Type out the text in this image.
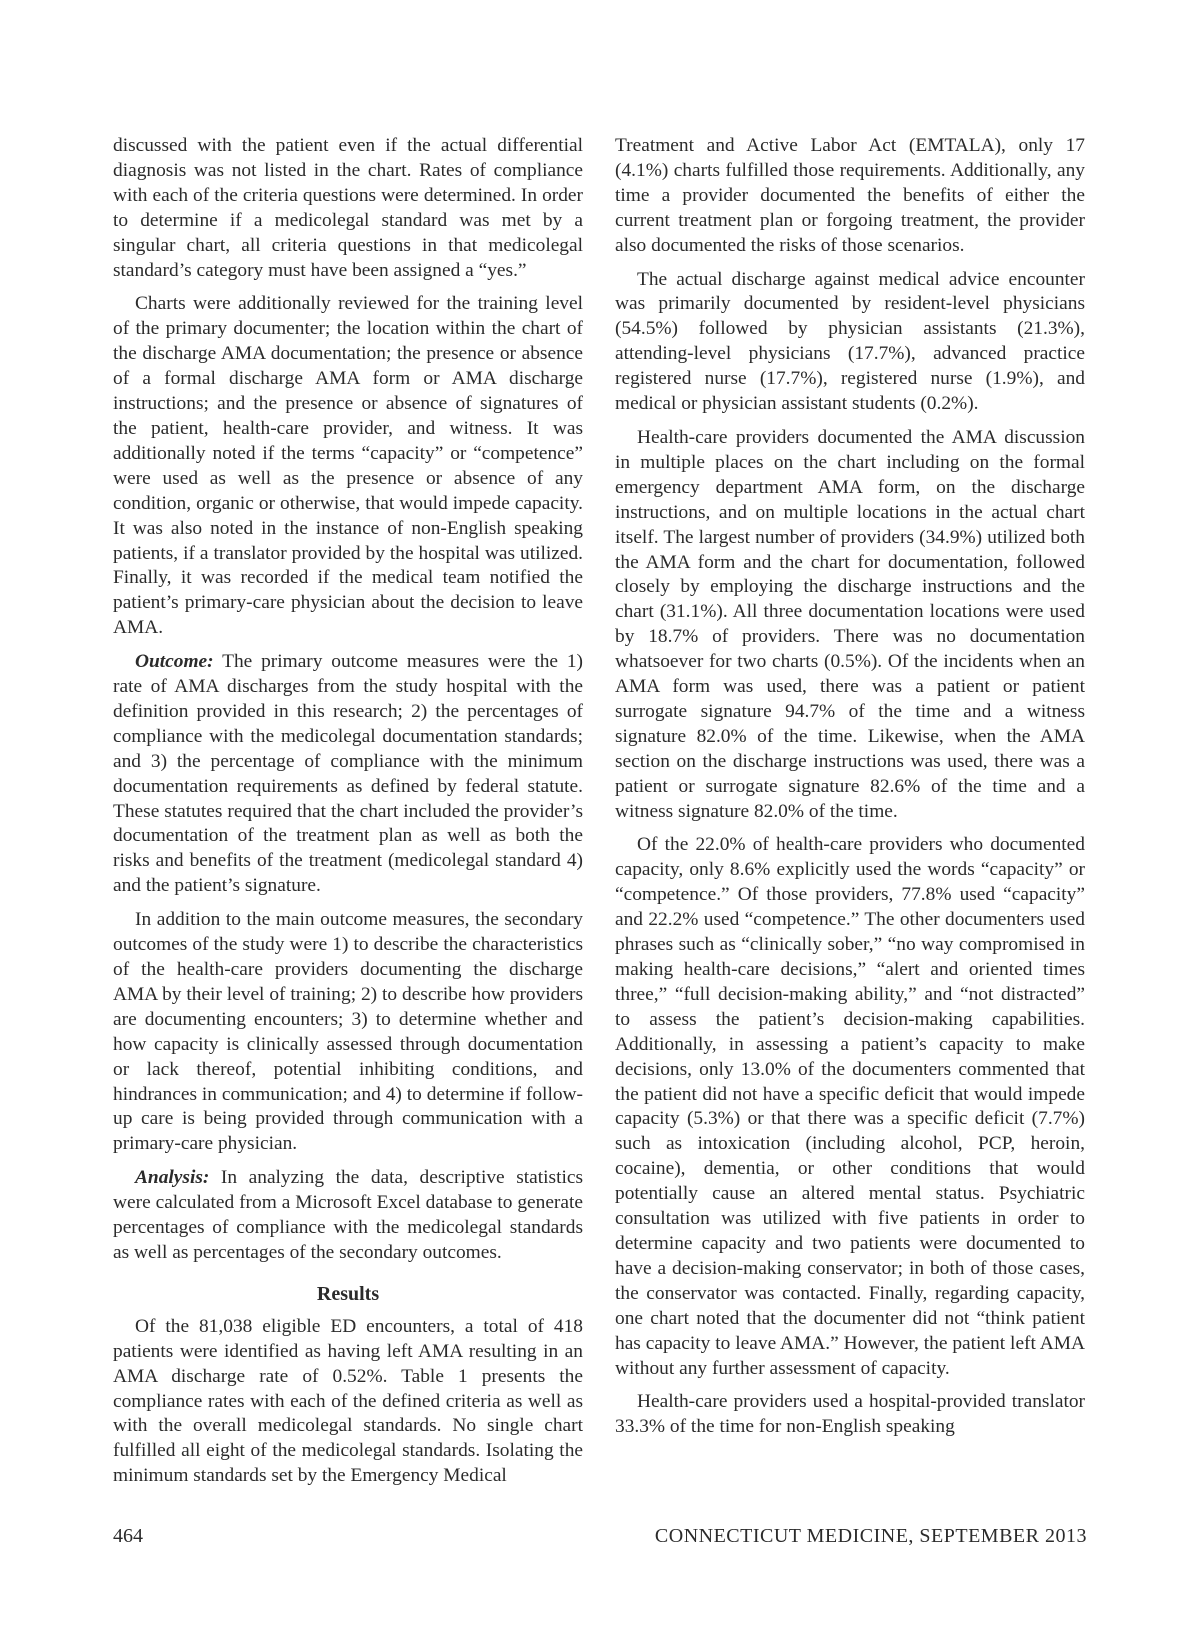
discussed with the patient even if the actual differential diagnosis was not listed in the chart. Rates of compliance with each of the criteria questions were determined. In order to determine if a medicolegal standard was met by a singular chart, all criteria questions in that medicolegal standard’s category must have been assigned a “yes.”

Charts were additionally reviewed for the training level of the primary documenter; the location within the chart of the discharge AMA documentation; the presence or absence of a formal discharge AMA form or AMA discharge instructions; and the presence or absence of signatures of the patient, health-care provider, and witness. It was additionally noted if the terms “capacity” or “competence” were used as well as the presence or absence of any condition, organic or otherwise, that would impede capacity. It was also noted in the instance of non-English speaking patients, if a translator provided by the hospital was utilized. Finally, it was recorded if the medical team notified the patient’s primary-care physician about the decision to leave AMA.

Outcome: The primary outcome measures were the 1) rate of AMA discharges from the study hospital with the definition provided in this research; 2) the percentages of compliance with the medicolegal documentation standards; and 3) the percentage of compliance with the minimum documentation requirements as defined by federal statute. These statutes required that the chart included the provider’s documentation of the treatment plan as well as both the risks and benefits of the treatment (medicolegal standard 4) and the patient’s signature.

In addition to the main outcome measures, the secondary outcomes of the study were 1) to describe the characteristics of the health-care providers documenting the discharge AMA by their level of training; 2) to describe how providers are documenting encounters; 3) to determine whether and how capacity is clinically assessed through documentation or lack thereof, potential inhibiting conditions, and hindrances in communication; and 4) to determine if follow-up care is being provided through communication with a primary-care physician.

Analysis: In analyzing the data, descriptive statistics were calculated from a Microsoft Excel database to generate percentages of compliance with the medicolegal standards as well as percentages of the secondary outcomes.

Results

Of the 81,038 eligible ED encounters, a total of 418 patients were identified as having left AMA resulting in an AMA discharge rate of 0.52%. Table 1 presents the compliance rates with each of the defined criteria as well as with the overall medicolegal standards. No single chart fulfilled all eight of the medicolegal standards. Isolating the minimum standards set by the Emergency Medical

Treatment and Active Labor Act (EMTALA), only 17 (4.1%) charts fulfilled those requirements. Additionally, any time a provider documented the benefits of either the current treatment plan or forgoing treatment, the provider also documented the risks of those scenarios.

The actual discharge against medical advice encounter was primarily documented by resident-level physicians (54.5%) followed by physician assistants (21.3%), attending-level physicians (17.7%), advanced practice registered nurse (17.7%), registered nurse (1.9%), and medical or physician assistant students (0.2%).

Health-care providers documented the AMA discussion in multiple places on the chart including on the formal emergency department AMA form, on the discharge instructions, and on multiple locations in the actual chart itself. The largest number of providers (34.9%) utilized both the AMA form and the chart for documentation, followed closely by employing the discharge instructions and the chart (31.1%). All three documentation locations were used by 18.7% of providers. There was no documentation whatsoever for two charts (0.5%). Of the incidents when an AMA form was used, there was a patient or patient surrogate signature 94.7% of the time and a witness signature 82.0% of the time. Likewise, when the AMA section on the discharge instructions was used, there was a patient or surrogate signature 82.6% of the time and a witness signature 82.0% of the time.

Of the 22.0% of health-care providers who documented capacity, only 8.6% explicitly used the words “capacity” or “competence.” Of those providers, 77.8% used “capacity” and 22.2% used “competence.” The other documenters used phrases such as “clinically sober,” “no way compromised in making health-care decisions,” “alert and oriented times three,” “full decision-making ability,” and “not distracted” to assess the patient’s decision-making capabilities. Additionally, in assessing a patient’s capacity to make decisions, only 13.0% of the documenters commented that the patient did not have a specific deficit that would impede capacity (5.3%) or that there was a specific deficit (7.7%) such as intoxication (including alcohol, PCP, heroin, cocaine), dementia, or other conditions that would potentially cause an altered mental status. Psychiatric consultation was utilized with five patients in order to determine capacity and two patients were documented to have a decision-making conservator; in both of those cases, the conservator was contacted. Finally, regarding capacity, one chart noted that the documenter did not “think patient has capacity to leave AMA.” However, the patient left AMA without any further assessment of capacity.

Health-care providers used a hospital-provided translator 33.3% of the time for non-English speaking

464	CONNECTICUT MEDICINE, SEPTEMBER 2013
